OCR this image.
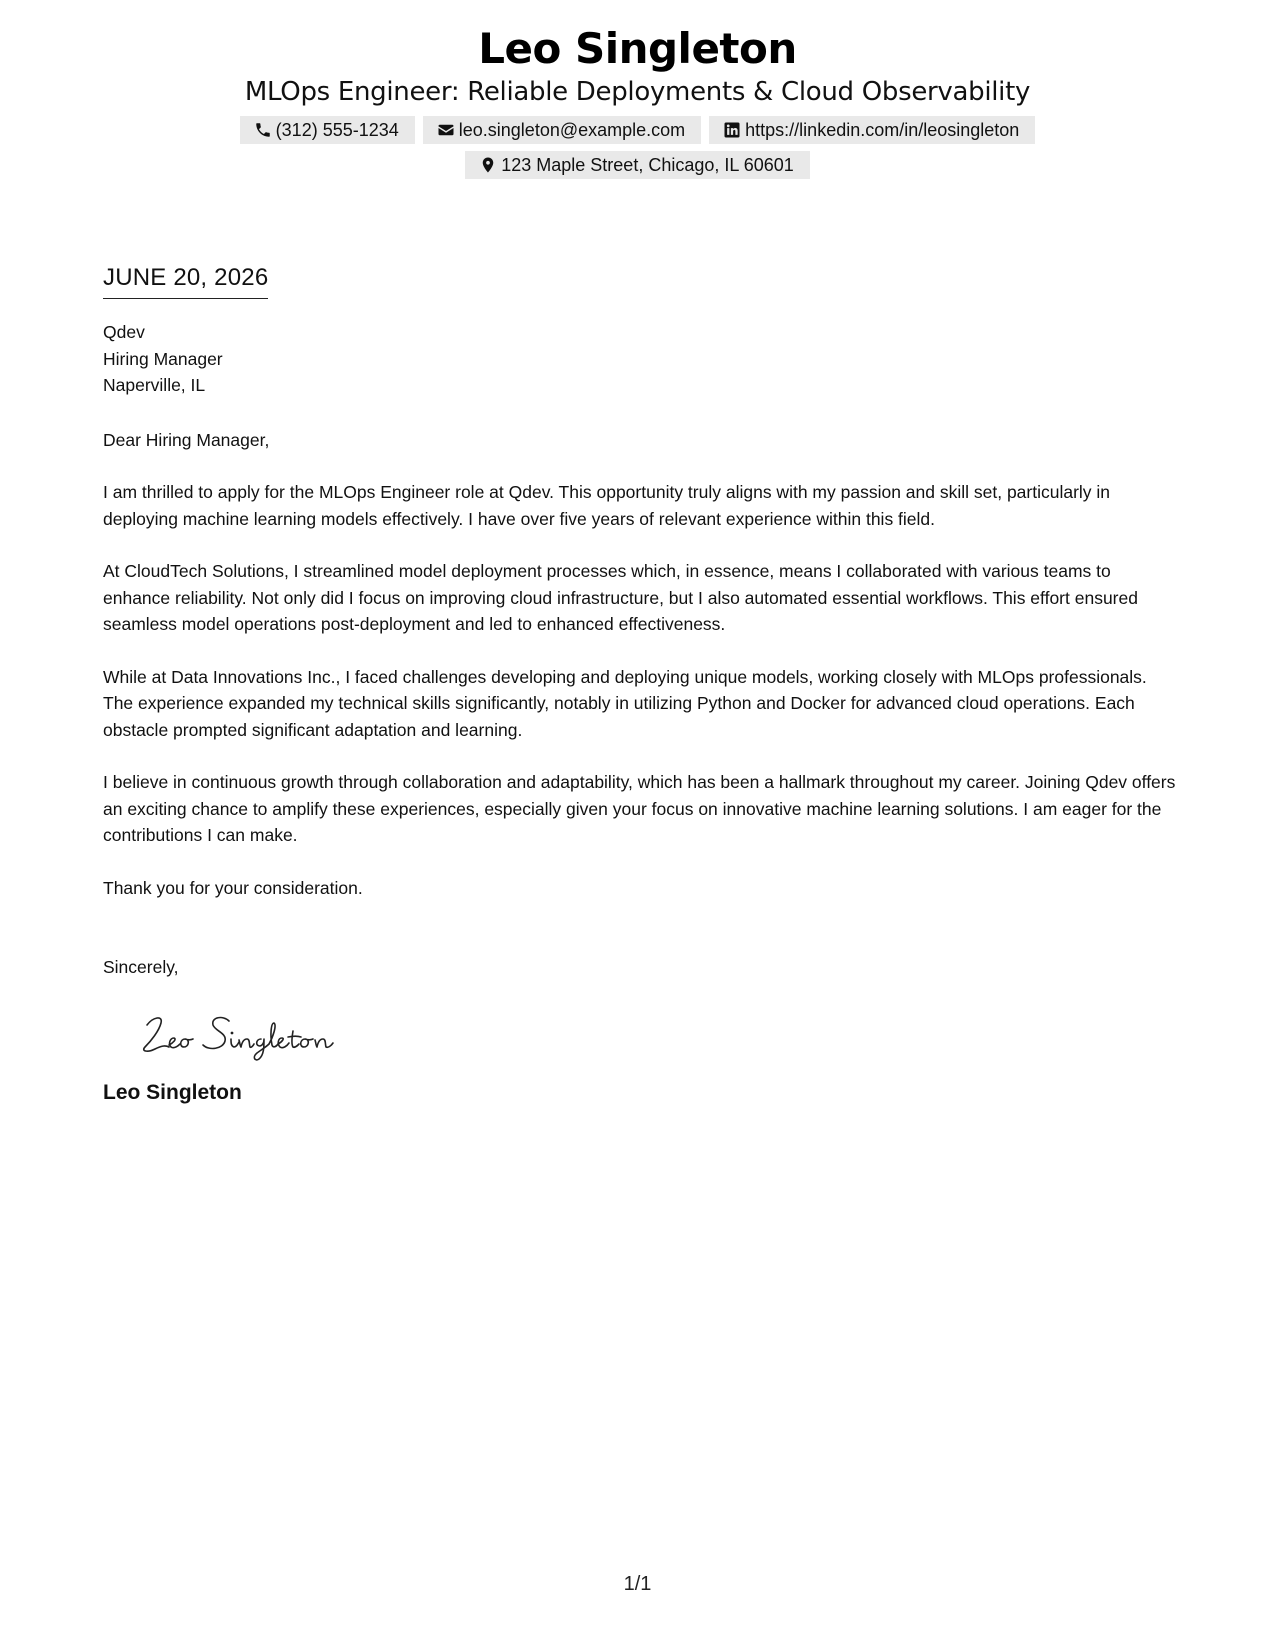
Leo Singleton
MLOps Engineer: Reliable Deployments & Cloud Observability
(312) 555-1234	leo.singleton@example.com	https://linkedin.com/in/leosingleton
123 Maple Street, Chicago, IL 60601
JUNE 20, 2026
Qdev
Hiring Manager
Naperville, IL

Dear Hiring Manager,

I am thrilled to apply for the MLOps Engineer role at Qdev. This opportunity truly aligns with my passion and skill set, particularly in deploying machine learning models effectively. I have over five years of relevant experience within this field.

At CloudTech Solutions, I streamlined model deployment processes which, in essence, means I collaborated with various teams to enhance reliability. Not only did I focus on improving cloud infrastructure, but I also automated essential workflows. This effort ensured seamless model operations post-deployment and led to enhanced effectiveness.

While at Data Innovations Inc., I faced challenges developing and deploying unique models, working closely with MLOps professionals. The experience expanded my technical skills significantly, notably in utilizing Python and Docker for advanced cloud operations. Each obstacle prompted significant adaptation and learning.

I believe in continuous growth through collaboration and adaptability, which has been a hallmark throughout my career. Joining Qdev offers an exciting chance to amplify these experiences, especially given your focus on innovative machine learning solutions. I am eager for the contributions I can make.

Thank you for your consideration.

Sincerely,

Leo Singleton
1/1
